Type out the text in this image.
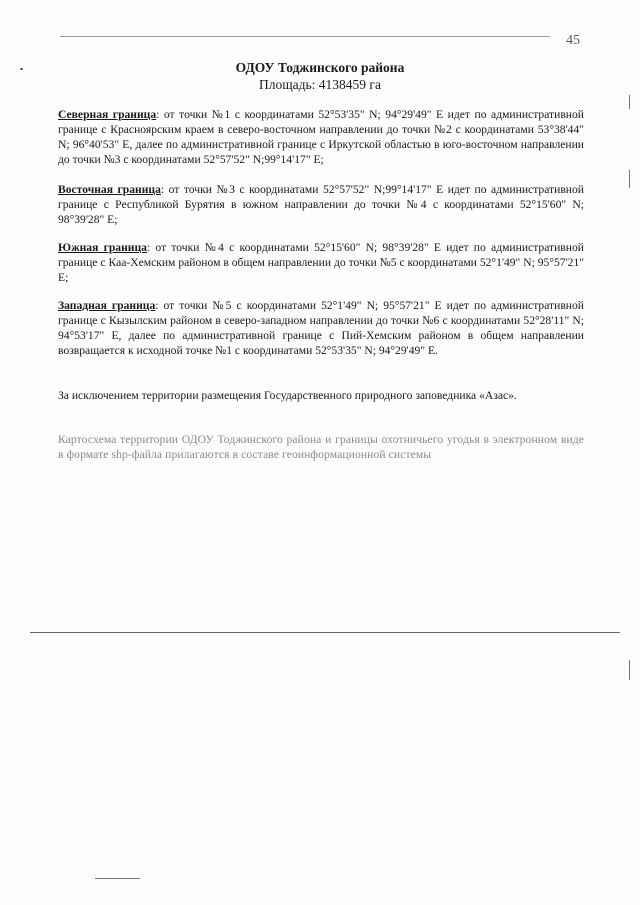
45
ОДОУ Тоджинского района
Площадь: 4138459 га
Северная граница: от точки №1 с координатами 52°53'35" N; 94°29'49" E идет по административной границе с Красноярским краем в северо-восточном направлении до точки №2 с координатами 53°38'44" N; 96°40'53" E, далее по административной границе с Иркутской областью в юго-восточном направлении до точки №3 с координатами 52°57'52" N;99°14'17" E;
Восточная граница: от точки №3 с координатами 52°57'52" N;99°14'17" E идет по административной границе с Республикой Бурятия в южном направлении до точки №4 с координатами 52°15'60" N; 98°39'28" E;
Южная граница: от точки №4 с координатами 52°15'60" N; 98°39'28" E идет по административной границе с Каа-Хемским районом в общем направлении до точки №5 с координатами 52°1'49" N; 95°57'21" E;
Западная граница: от точки №5 с координатами 52°1'49" N; 95°57'21" E идет по административной границе с Кызылским районом в северо-западном направлении до точки №6 с координатами 52°28'11" N; 94°53'17" E, далее по административной границе с Пий-Хемским районом в общем направлении возвращается к исходной точке №1 с координатами 52°53'35" N; 94°29'49" E.
За исключением территории размещения Государственного природного заповедника «Азас».
Картосхема территории ОДОУ Тоджинского района и границы охотничьего угодья в электронном виде в формате shp-файла прилагаются в составе геоинформационной системы
